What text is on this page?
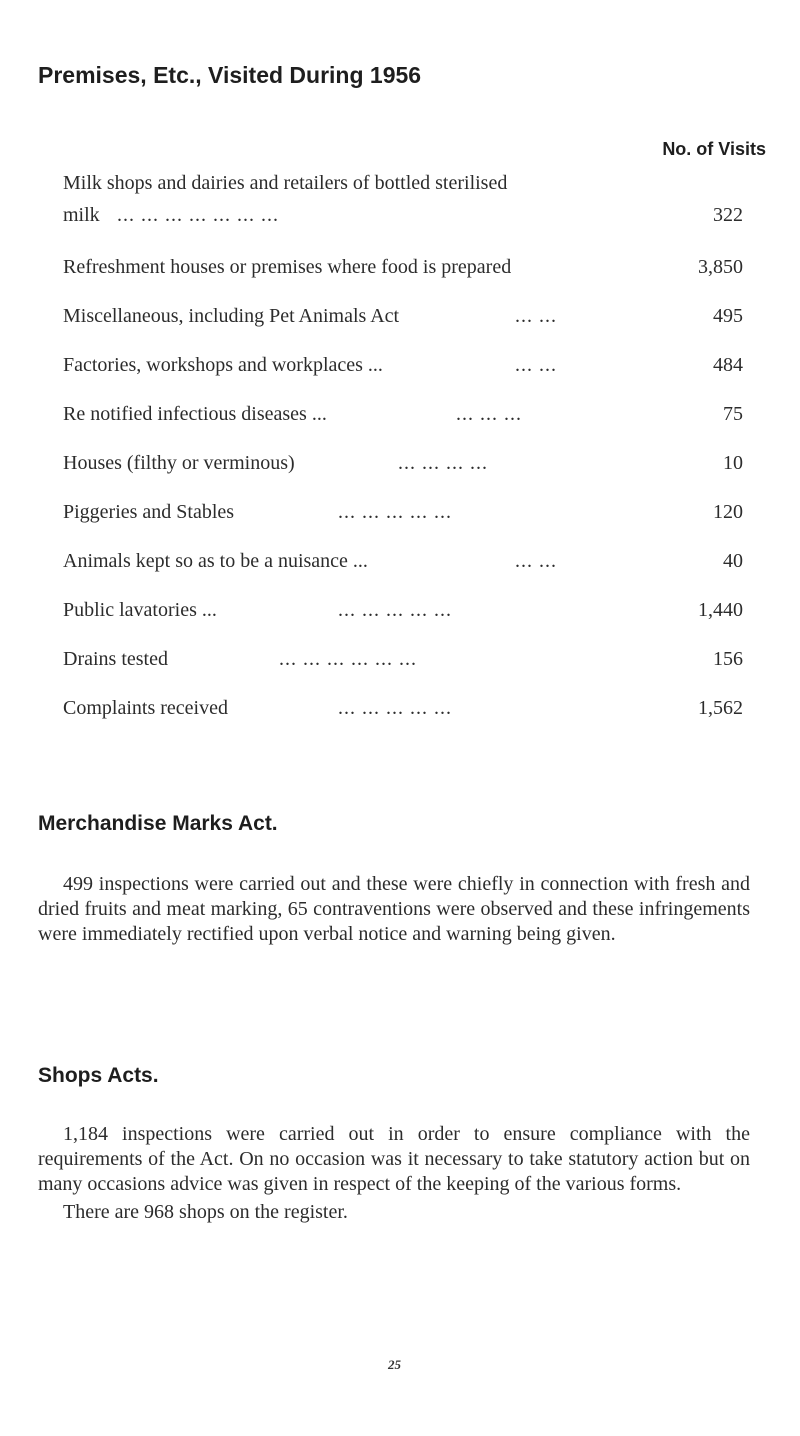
Premises, Etc., Visited During 1956
No. of Visits
Milk shops and dairies and retailers of bottled sterilised
milk ... ... ... ... ... ... ...	322
Refreshment houses or premises where food is prepared	3,850
Miscellaneous, including Pet Animals Act	... ...	495
Factories, workshops and workplaces ...	... ...	484
Re notified infectious diseases ...	... ... ...	75
Houses (filthy or verminous)	... ... ... ...	10
Piggeries and Stables	... ... ... ... ...	120
Animals kept so as to be a nuisance ...	... ...	40
Public lavatories ...	... ... ... ... ...	1,440
Drains tested	... ... ... ... ... ...	156
Complaints received	... ... ... ... ...	1,562
Merchandise Marks Act.

499 inspections were carried out and these were chiefly in connection with fresh and dried fruits and meat marking, 65 contraventions were observed and these infringements were immediately rectified upon verbal notice and warning being given.

Shops Acts.

1,184 inspections were carried out in order to ensure compliance with the requirements of the Act. On no occasion was it necessary to take statutory action but on many occasions advice was given in respect of the keeping of the various forms.

There are 968 shops on the register.

25
